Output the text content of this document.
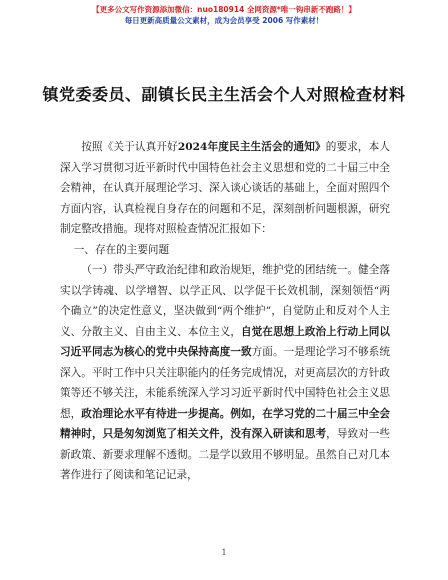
【更多公文写作资源添加微信：nuo180914 全网资源*唯一钩串新不跑路！】
每日更新高质量公文素材，成为会员享受 2006 写作素材！
镇党委委员、副镇长民主生活会个人对照检查材料

按照《关于认真开好2024年度民主生活会的通知》的要求，本人深入学习贯彻习近平新时代中国特色社会主义思想和党的二十届三中全会精神，在认真开展理论学习、深入谈心谈话的基础上，全面对照四个方面内容，认真检视自身存在的问题和不足，深刻剖析问题根源，研究制定整改措施。现将对照检查情况汇报如下：

一、存在的主要问题

（一）带头严守政治纪律和政治规矩，维护党的团结统一。健全落实以学铸魂、以学增智、以学正风、以学促干长效机制，深刻领悟“两个确立”的决定性意义，坚决做到“两个维护”，自觉防止和反对个人主义、分散主义、自由主义、本位主义，自觉在思想上政治上行动上同以习近平同志为核心的党中央保持高度一致方面。一是理论学习不够系统深入。平时工作中只关注职能内的任务完成情况，对更高层次的方针政策等还不够关注，未能系统深入学习习近平新时代中国特色社会主义思想，政治理论水平有待进一步提高。例如，在学习党的二十届三中全会精神时，只是匆匆浏览了相关文件，没有深入研读和思考，导致对一些新政策、新要求理解不透彻。二是学以致用不够明显。虽然自己对几本著作进行了阅读和笔记记录，

1
